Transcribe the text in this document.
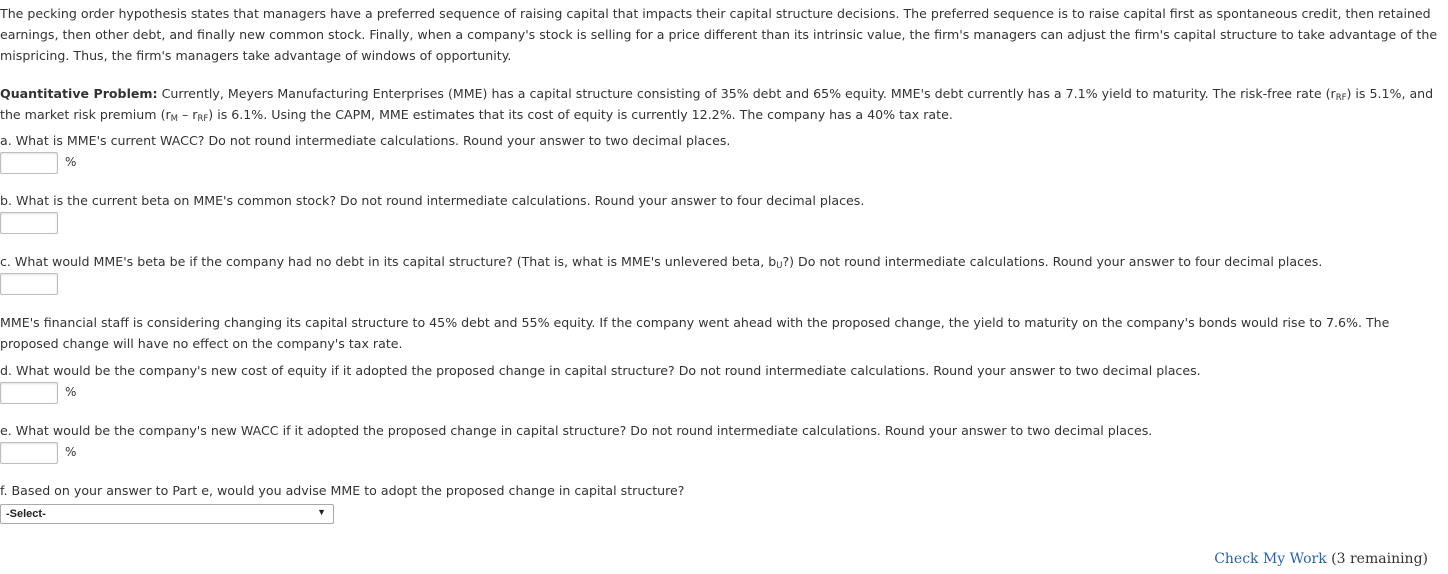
The pecking order hypothesis states that managers have a preferred sequence of raising capital that impacts their capital structure decisions. The preferred sequence is to raise capital first as spontaneous credit, then retained earnings, then other debt, and finally new common stock. Finally, when a company's stock is selling for a price different than its intrinsic value, the firm's managers can adjust the firm's capital structure to take advantage of the mispricing. Thus, the firm's managers take advantage of windows of opportunity.

Quantitative Problem: Currently, Meyers Manufacturing Enterprises (MME) has a capital structure consisting of 35% debt and 65% equity. MME's debt currently has a 7.1% yield to maturity. The risk-free rate $(r_{RF})$ is 5.1%, and the market risk premium $(r_M - r_{RF})$ is 6.1%. Using the CAPM, MME estimates that its cost of equity is currently 12.2%. The company has a 40% tax rate.

a. What is MME's current WACC? Do not round intermediate calculations. Round your answer to two decimal places.
%
b. What is the current beta on MME's common stock? Do not round intermediate calculations. Round your answer to four decimal places.
c. What would MME's beta be if the company had no debt in its capital structure? (That is, what is MME's unlevered beta, $b_U$?) Do not round intermediate calculations. Round your answer to four decimal places.

MME's financial staff is considering changing its capital structure to 45% debt and 55% equity. If the company went ahead with the proposed change, the yield to maturity on the company's bonds would rise to 7.6%. The proposed change will have no effect on the company's tax rate.

d. What would be the company's new cost of equity if it adopted the proposed change in capital structure? Do not round intermediate calculations. Round your answer to two decimal places.
%
e. What would be the company's new WACC if it adopted the proposed change in capital structure? Do not round intermediate calculations. Round your answer to two decimal places.
%
f. Based on your answer to Part e, would you advise MME to adopt the proposed change in capital structure?
-Select-	▼
Check My Work (3 remaining)
